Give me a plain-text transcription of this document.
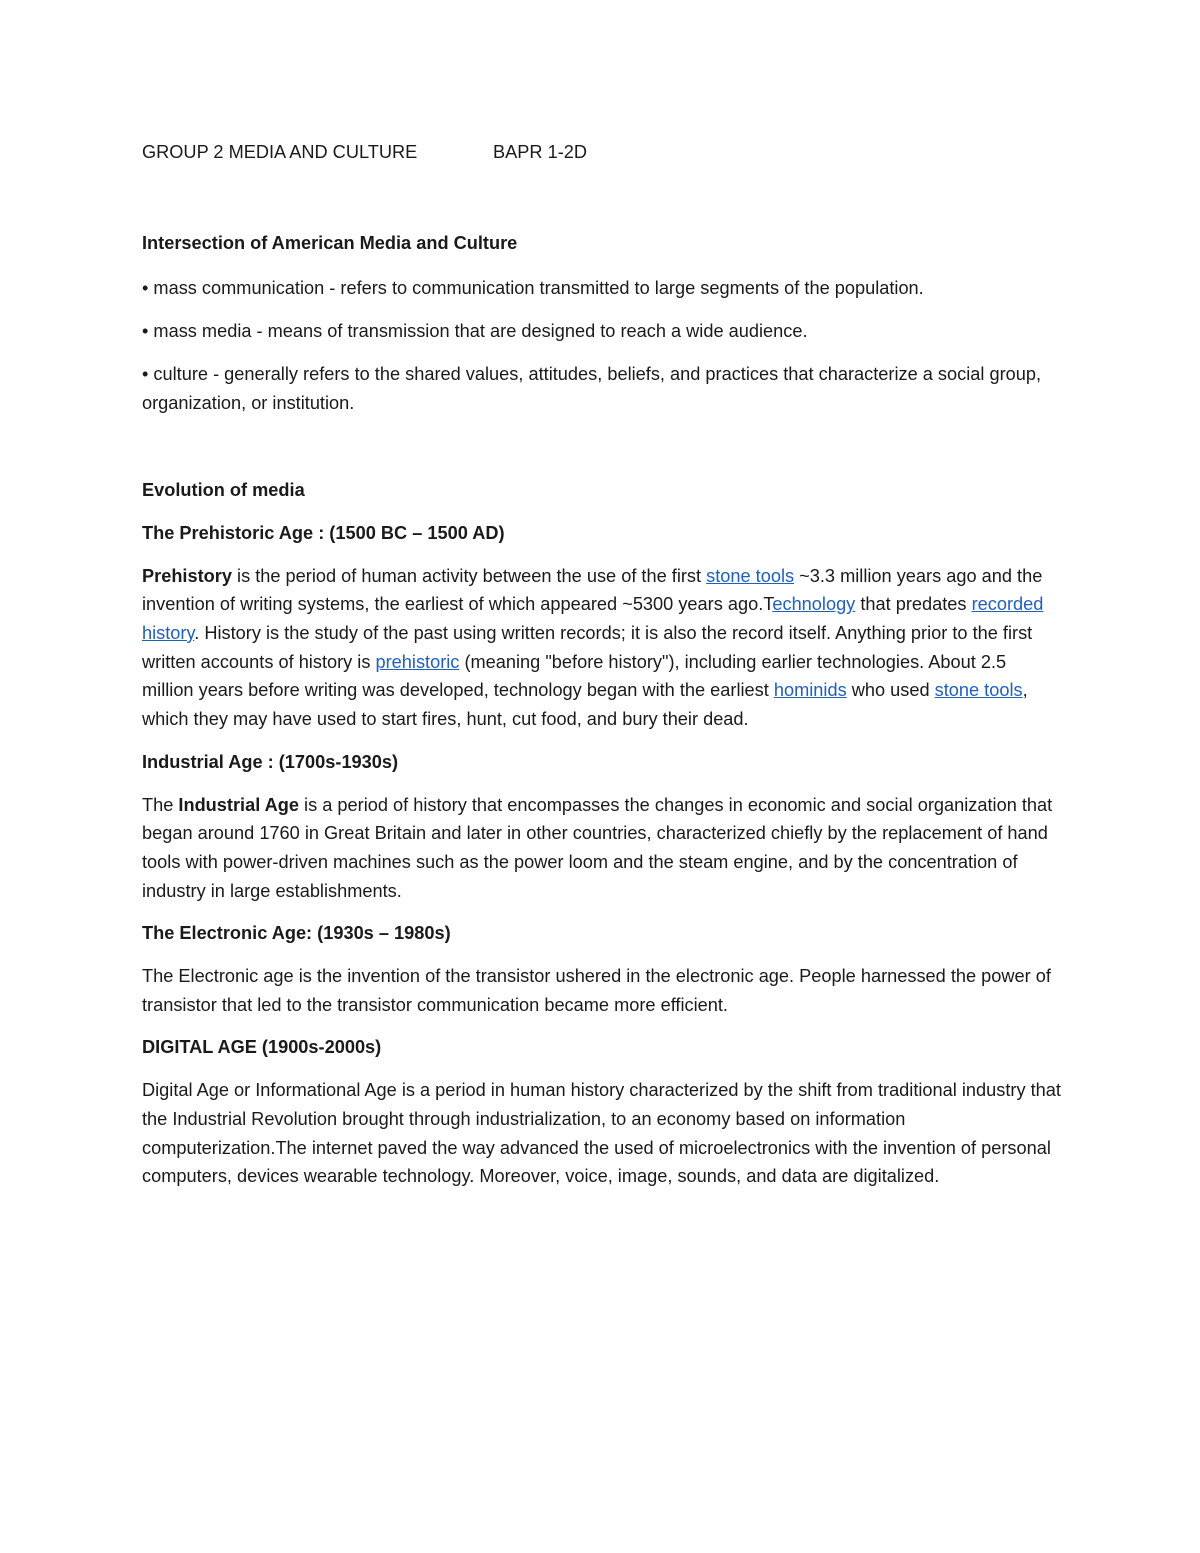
GROUP 2 MEDIA AND CULTURE	BAPR 1-2D

Intersection of American Media and Culture

• mass communication - refers to communication transmitted to large segments of the population.

• mass media - means of transmission that are designed to reach a wide audience.

• culture - generally refers to the shared values, attitudes, beliefs, and practices that characterize a social group, organization, or institution.

Evolution of media

The Prehistoric Age : (1500 BC – 1500 AD)

Prehistory is the period of human activity between the use of the first stone tools ~3.3 million years ago and the invention of writing systems, the earliest of which appeared ~5300 years ago.Technology that predates recorded history. History is the study of the past using written records; it is also the record itself. Anything prior to the first written accounts of history is prehistoric (meaning "before history"), including earlier technologies. About 2.5 million years before writing was developed, technology began with the earliest hominids who used stone tools, which they may have used to start fires, hunt, cut food, and bury their dead.

Industrial Age : (1700s-1930s)

The Industrial Age is a period of history that encompasses the changes in economic and social organization that began around 1760 in Great Britain and later in other countries, characterized chiefly by the replacement of hand tools with power-driven machines such as the power loom and the steam engine, and by the concentration of industry in large establishments.

The Electronic Age: (1930s – 1980s)

The Electronic age is the invention of the transistor ushered in the electronic age. People harnessed the power of transistor that led to the transistor communication became more efficient.

DIGITAL AGE (1900s-2000s)

Digital Age or Informational Age is a period in human history characterized by the shift from traditional industry that the Industrial Revolution brought through industrialization, to an economy based on information computerization.The internet paved the way advanced the used of microelectronics with the invention of personal computers, devices wearable technology. Moreover, voice, image, sounds, and data are digitalized.
